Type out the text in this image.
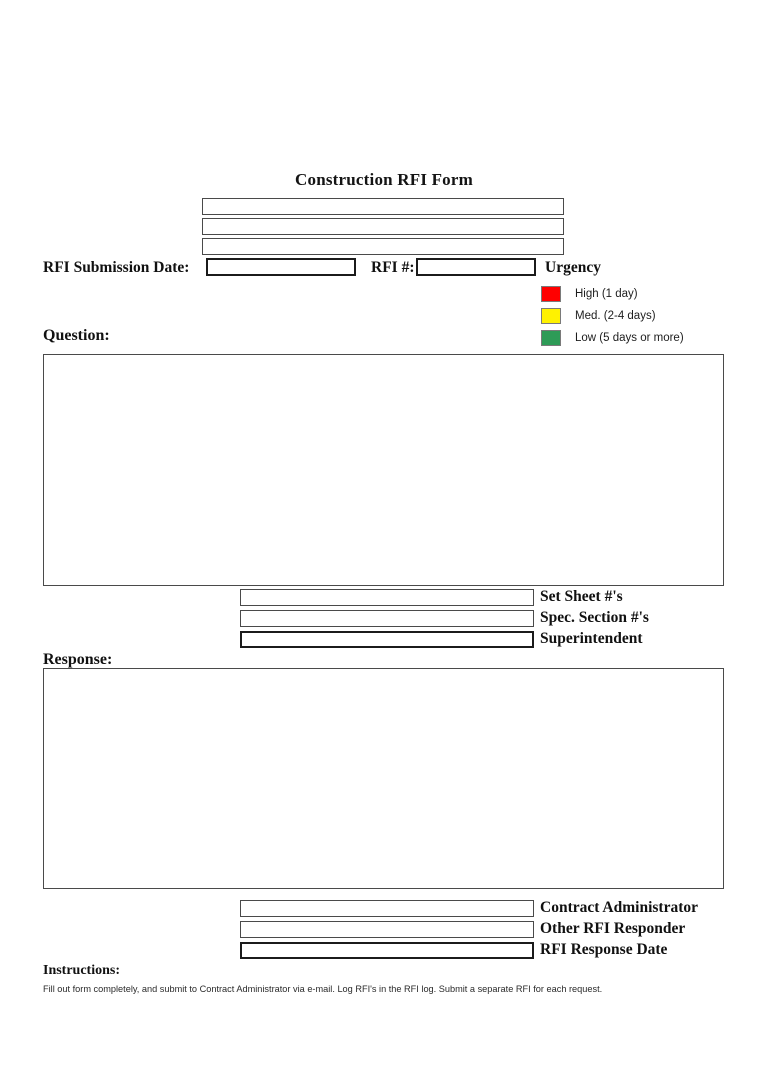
Construction RFI Form
RFI Submission Date:	RFI #:	Urgency
High (1 day)
Med. (2-4 days)
Low (5 days or more)
Question:
Set Sheet #'s
Spec. Section #'s
Superintendent
Response:
Contract Administrator
Other RFI Responder
RFI Response Date
Instructions:
Fill out form completely, and submit to Contract Administrator via e-mail. Log RFI's in the RFI log. Submit a separate RFI for each request.
